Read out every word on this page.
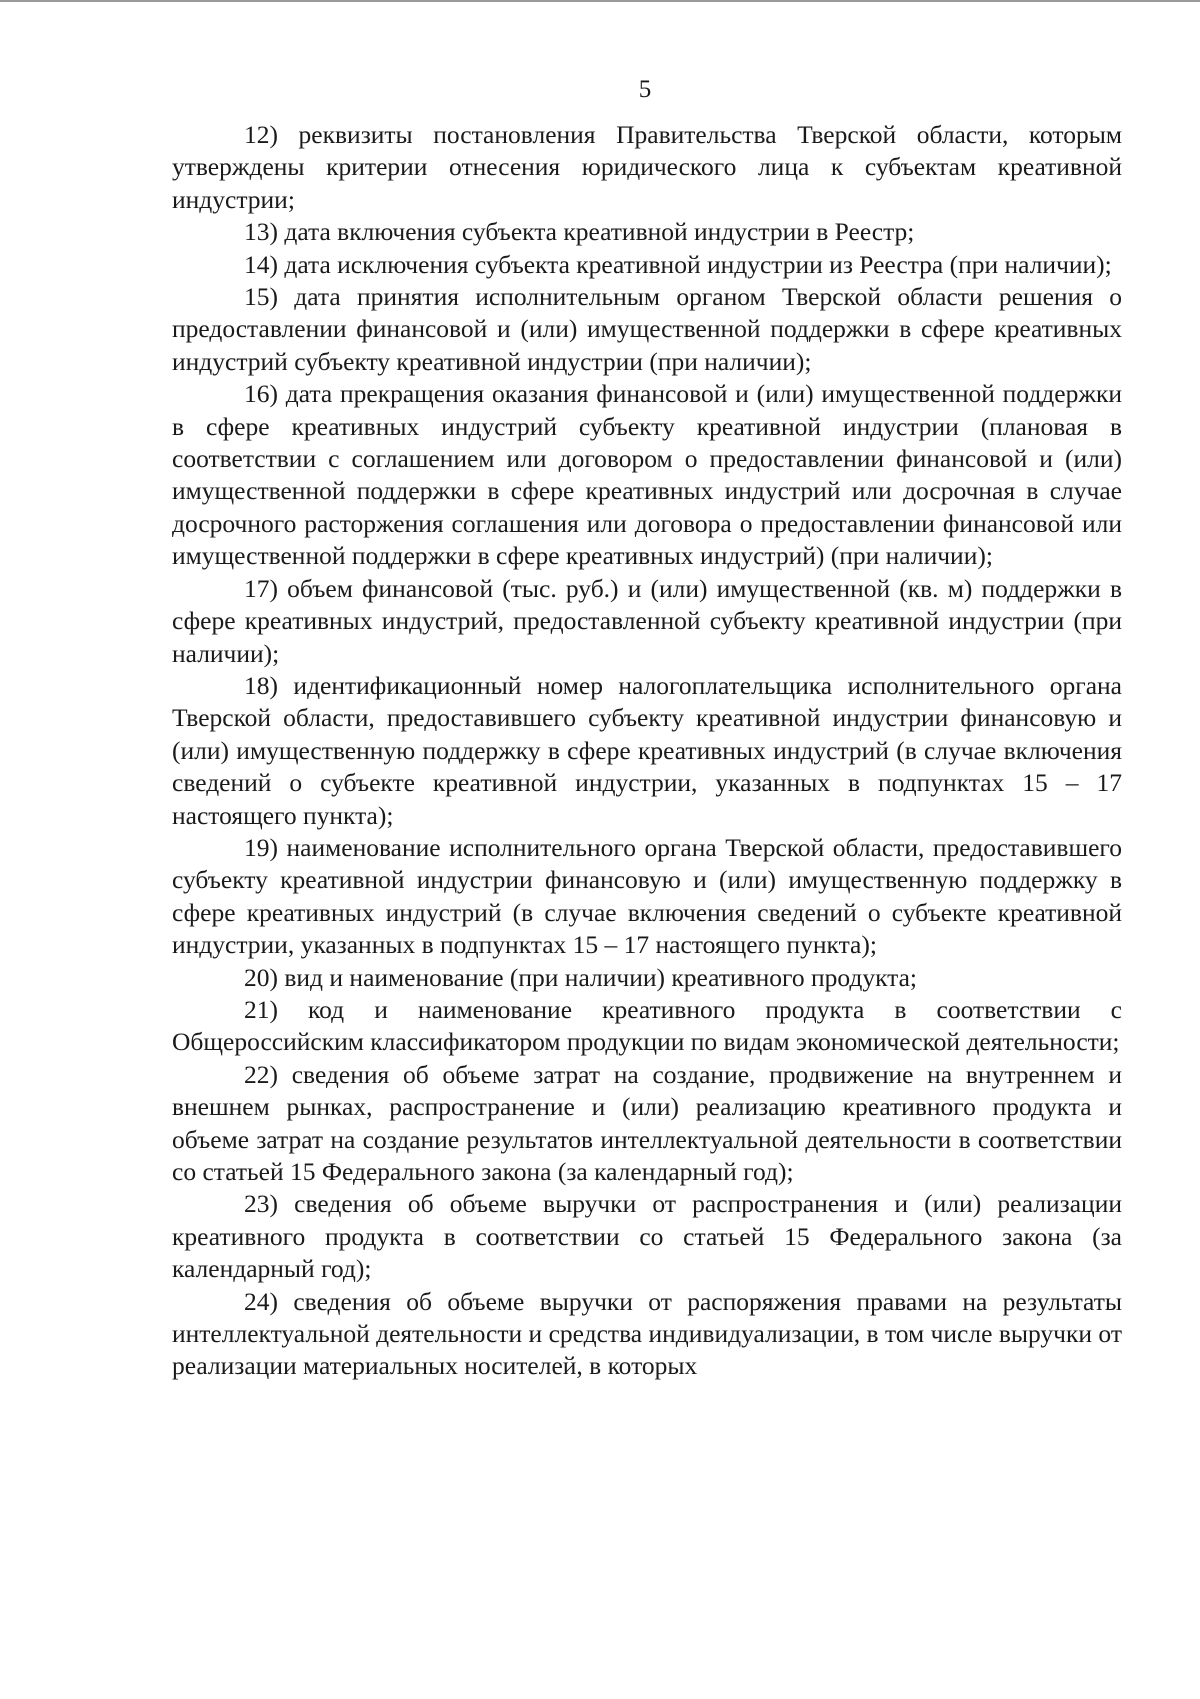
5

12) реквизиты постановления Правительства Тверской области, которым утверждены критерии отнесения юридического лица к субъектам креативной индустрии;

13) дата включения субъекта креативной индустрии в Реестр;

14) дата исключения субъекта креативной индустрии из Реестра (при наличии);

15) дата принятия исполнительным органом Тверской области решения о предоставлении финансовой и (или) имущественной поддержки в сфере креативных индустрий субъекту креативной индустрии (при наличии);

16) дата прекращения оказания финансовой и (или) имущественной поддержки в сфере креативных индустрий субъекту креативной индустрии (плановая в соответствии с соглашением или договором о предоставлении финансовой и (или) имущественной поддержки в сфере креативных индустрий или досрочная в случае досрочного расторжения соглашения или договора о предоставлении финансовой или имущественной поддержки в сфере креативных индустрий) (при наличии);

17) объем финансовой (тыс. руб.) и (или) имущественной (кв. м) поддержки в сфере креативных индустрий, предоставленной субъекту креативной индустрии (при наличии);

18) идентификационный номер налогоплательщика исполнительного органа Тверской области, предоставившего субъекту креативной индустрии финансовую и (или) имущественную поддержку в сфере креативных индустрий (в случае включения сведений о субъекте креативной индустрии, указанных в подпунктах 15 – 17 настоящего пункта);

19) наименование исполнительного органа Тверской области, предоставившего субъекту креативной индустрии финансовую и (или) имущественную поддержку в сфере креативных индустрий (в случае включения сведений о субъекте креативной индустрии, указанных в подпунктах 15 – 17 настоящего пункта);

20) вид и наименование (при наличии) креативного продукта;

21) код и наименование креативного продукта в соответствии с Общероссийским классификатором продукции по видам экономической деятельности;

22) сведения об объеме затрат на создание, продвижение на внутреннем и внешнем рынках, распространение и (или) реализацию креативного продукта и объеме затрат на создание результатов интеллектуальной деятельности в соответствии со статьей 15 Федерального закона (за календарный год);

23) сведения об объеме выручки от распространения и (или) реализации креативного продукта в соответствии со статьей 15 Федерального закона (за календарный год);

24) сведения об объеме выручки от распоряжения правами на результаты интеллектуальной деятельности и средства индивидуализации, в том числе выручки от реализации материальных носителей, в которых
